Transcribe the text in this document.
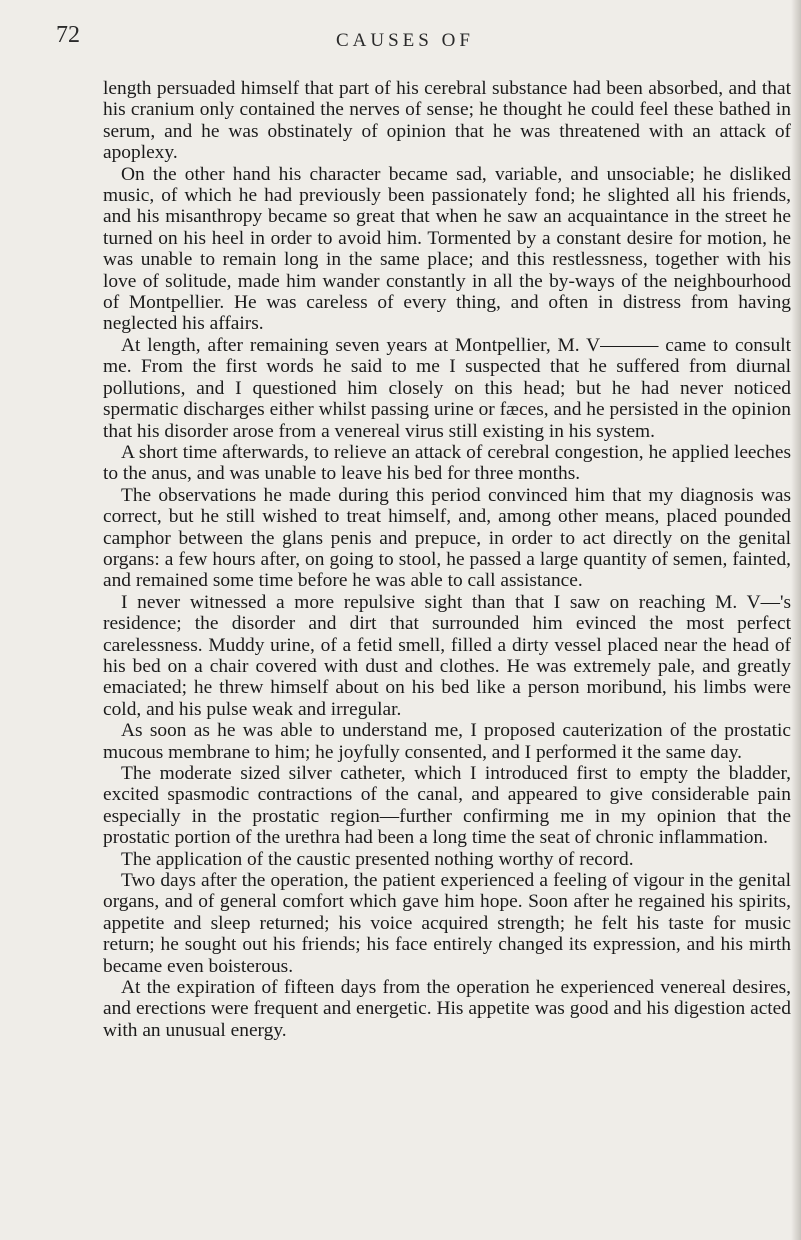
72	CAUSES OF

length persuaded himself that part of his cerebral substance had been absorbed, and that his cranium only contained the nerves of sense; he thought he could feel these bathed in serum, and he was obstinately of opinion that he was threatened with an attack of apoplexy.

On the other hand his character became sad, variable, and unsociable; he disliked music, of which he had previously been passionately fond; he slighted all his friends, and his misanthropy became so great that when he saw an acquaintance in the street he turned on his heel in order to avoid him. Tormented by a constant desire for motion, he was unable to remain long in the same place; and this restlessness, together with his love of solitude, made him wander constantly in all the by-ways of the neighbourhood of Montpellier. He was careless of every thing, and often in distress from having neglected his affairs.

At length, after remaining seven years at Montpellier, M. V——— came to consult me. From the first words he said to me I suspected that he suffered from diurnal pollutions, and I questioned him closely on this head; but he had never noticed spermatic discharges either whilst passing urine or fæces, and he persisted in the opinion that his disorder arose from a venereal virus still existing in his system.

A short time afterwards, to relieve an attack of cerebral congestion, he applied leeches to the anus, and was unable to leave his bed for three months.

The observations he made during this period convinced him that my diagnosis was correct, but he still wished to treat himself, and, among other means, placed pounded camphor between the glans penis and prepuce, in order to act directly on the genital organs: a few hours after, on going to stool, he passed a large quantity of semen, fainted, and remained some time before he was able to call assistance.

I never witnessed a more repulsive sight than that I saw on reaching M. V—'s residence; the disorder and dirt that surrounded him evinced the most perfect carelessness. Muddy urine, of a fetid smell, filled a dirty vessel placed near the head of his bed on a chair covered with dust and clothes. He was extremely pale, and greatly emaciated; he threw himself about on his bed like a person moribund, his limbs were cold, and his pulse weak and irregular.

As soon as he was able to understand me, I proposed cauterization of the prostatic mucous membrane to him; he joyfully consented, and I performed it the same day.

The moderate sized silver catheter, which I introduced first to empty the bladder, excited spasmodic contractions of the canal, and appeared to give considerable pain especially in the prostatic region—further confirming me in my opinion that the prostatic portion of the urethra had been a long time the seat of chronic inflammation.

The application of the caustic presented nothing worthy of record.

Two days after the operation, the patient experienced a feeling of vigour in the genital organs, and of general comfort which gave him hope. Soon after he regained his spirits, appetite and sleep returned; his voice acquired strength; he felt his taste for music return; he sought out his friends; his face entirely changed its expression, and his mirth became even boisterous.

At the expiration of fifteen days from the operation he experienced venereal desires, and erections were frequent and energetic. His appetite was good and his digestion acted with an unusual energy.
